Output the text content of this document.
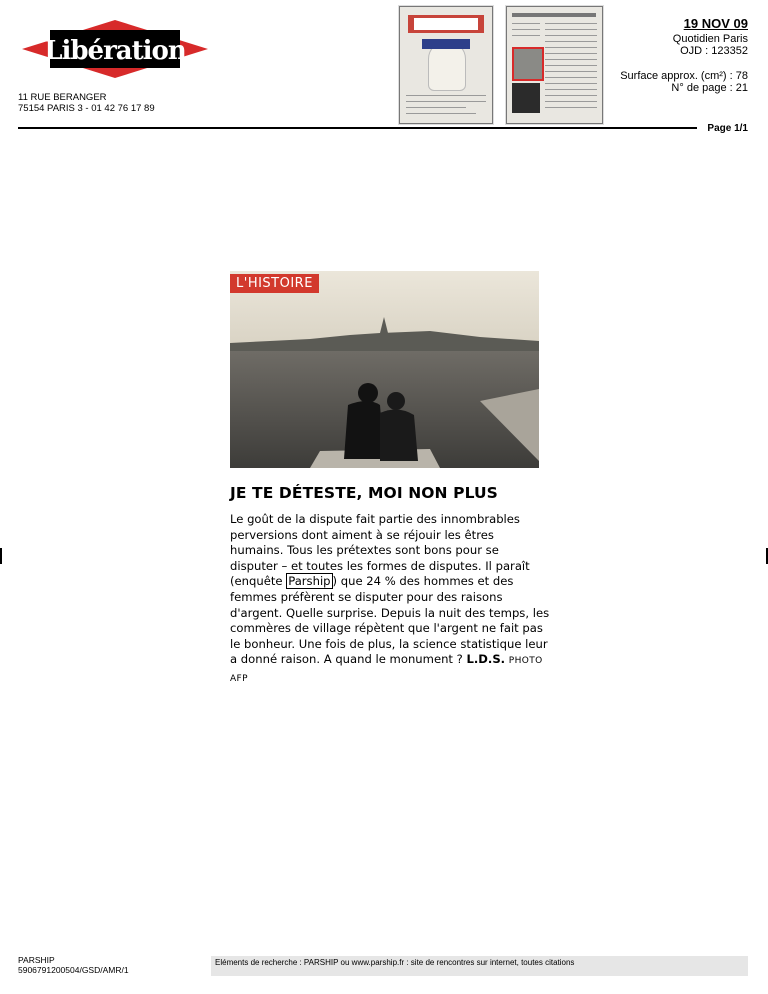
Libération
11 RUE BERANGER
75154 PARIS 3 - 01 42 76 17 89
19 NOV 09
Quotidien Paris
OJD : 123352
Surface approx. (cm²) : 78
N° de page : 21
Page 1/1
L'HISTOIRE
JE TE DÉTESTE, MOI NON PLUS
Le goût de la dispute fait partie des innombrables perversions dont aiment à se réjouir les êtres humains. Tous les prétextes sont bons pour se disputer – et toutes les formes de disputes. Il paraît (enquête Parship ) que 24 % des hommes et des femmes préfèrent se disputer pour des raisons d'argent. Quelle surprise. Depuis la nuit des temps, les commères de village répètent que l'argent ne fait pas le bonheur. Une fois de plus, la science statistique leur a donné raison. A quand le monument ? L.D.S. PHOTO AFP
PARSHIP
5906791200504/GSD/AMR/1
Eléments de recherche : PARSHIP ou www.parship.fr : site de rencontres sur internet, toutes citations
